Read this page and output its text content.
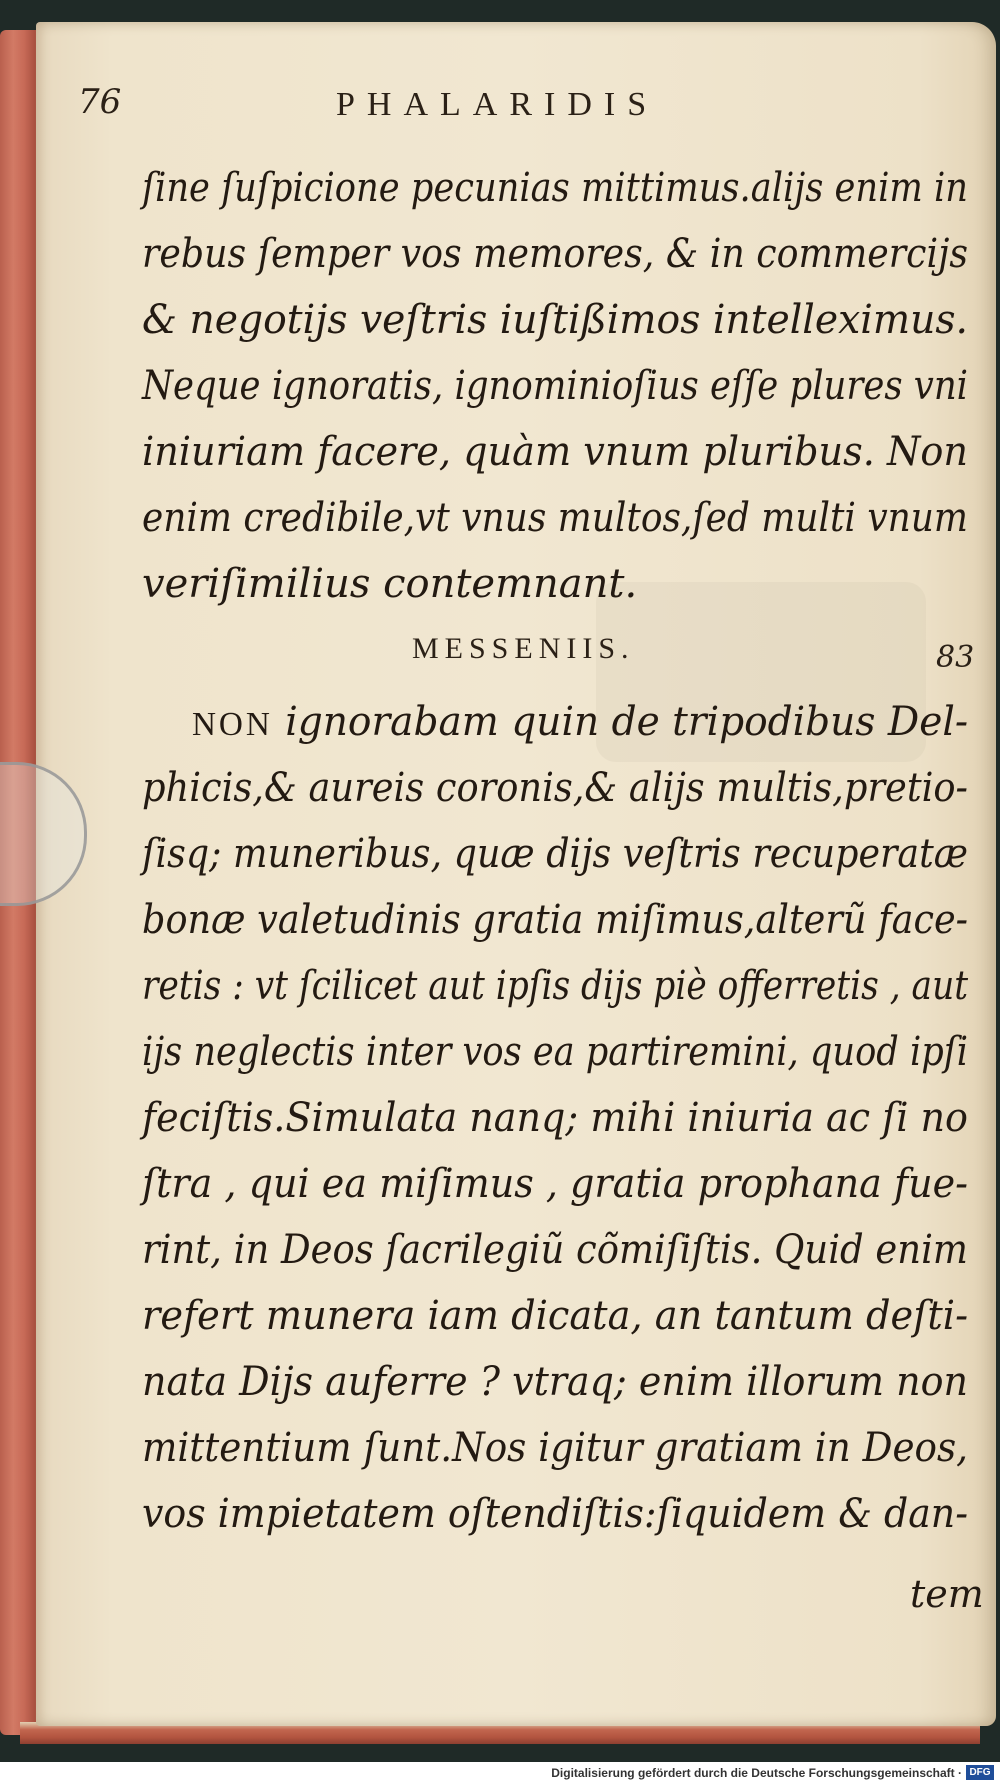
76	PHALARIDIS
ſine ſuſpicione pecunias mittimus.alijs enim in
rebus ſemper vos memores, & in commercijs
& negotijs veſtris iuſtißimos intelleximus.
Neque ignoratis, ignominioſius eſſe plures vni
iniuriam facere, quàm vnum pluribus. Non
enim credibile,vt vnus multos,ſed multi vnum
veriſimilius contemnant.
MESSENIIS.	83
NON ignorabam quin de tripodibus Del-
phicis,& aureis coronis,& alijs multis,pretio-
ſisq; muneribus, quæ dijs veſtris recuperatæ
bonæ valetudinis gratia miſimus,alterũ face-
retis : vt ſcilicet aut ipſis dijs piè offerretis , aut
ijs neglectis inter vos ea partiremini, quod ipſi
feciſtis.Simulata nanq; mihi iniuria ac ſi no
ſtra , qui ea miſimus , gratia prophana fue-
rint, in Deos ſacrilegiũ cõmiſiſtis. Quid enim
refert munera iam dicata, an tantum deſti-
nata Dijs auferre ? vtraq; enim illorum non
mittentium ſunt.Nos igitur gratiam in Deos,
vos impietatem oſtendiſtis:ſiquidem & dan-
tem
Digitalisierung gefördert durch die Deutsche Forschungsgemeinschaft · DFG
